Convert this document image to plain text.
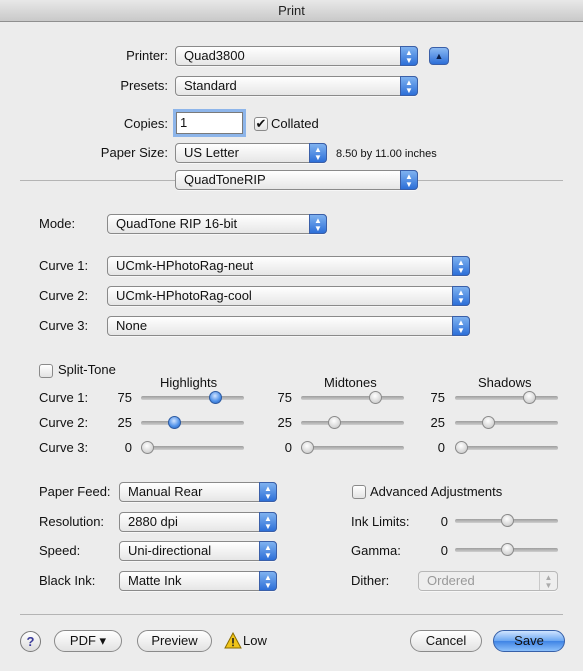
Print
Printer: Quad3800	▲
▼	▲
Presets: Standard	▲
▼
Copies: 1	✔ Collated
Paper Size: US Letter	▲
▼	8.50 by 11.00 inches
QuadToneRIP	▲
▼
Mode:	QuadTone RIP 16-bit	▲
▼
Curve 1: UCmk-HPhotoRag-neut	▲
▼
Curve 2: UCmk-HPhotoRag-cool	▲
▼
Curve 3: None	▲
▼
Split-Tone
Highlights	Midtones	Shadows
Curve 1:	75	75	75
Curve 2:	25	25	25
Curve 3:	0	0	0
Paper Feed: Manual Rear	▲
▼
Resolution: 2880 dpi	▲
▼
Speed:	Uni-directional	▲
▼
Black Ink:	Matte Ink	▲
▼
Advanced Adjustments
Ink Limits:	0
Gamma:	0
Dither:	Ordered	▲
▼
?	PDF ▾	Preview	Low	Cancel	Save
